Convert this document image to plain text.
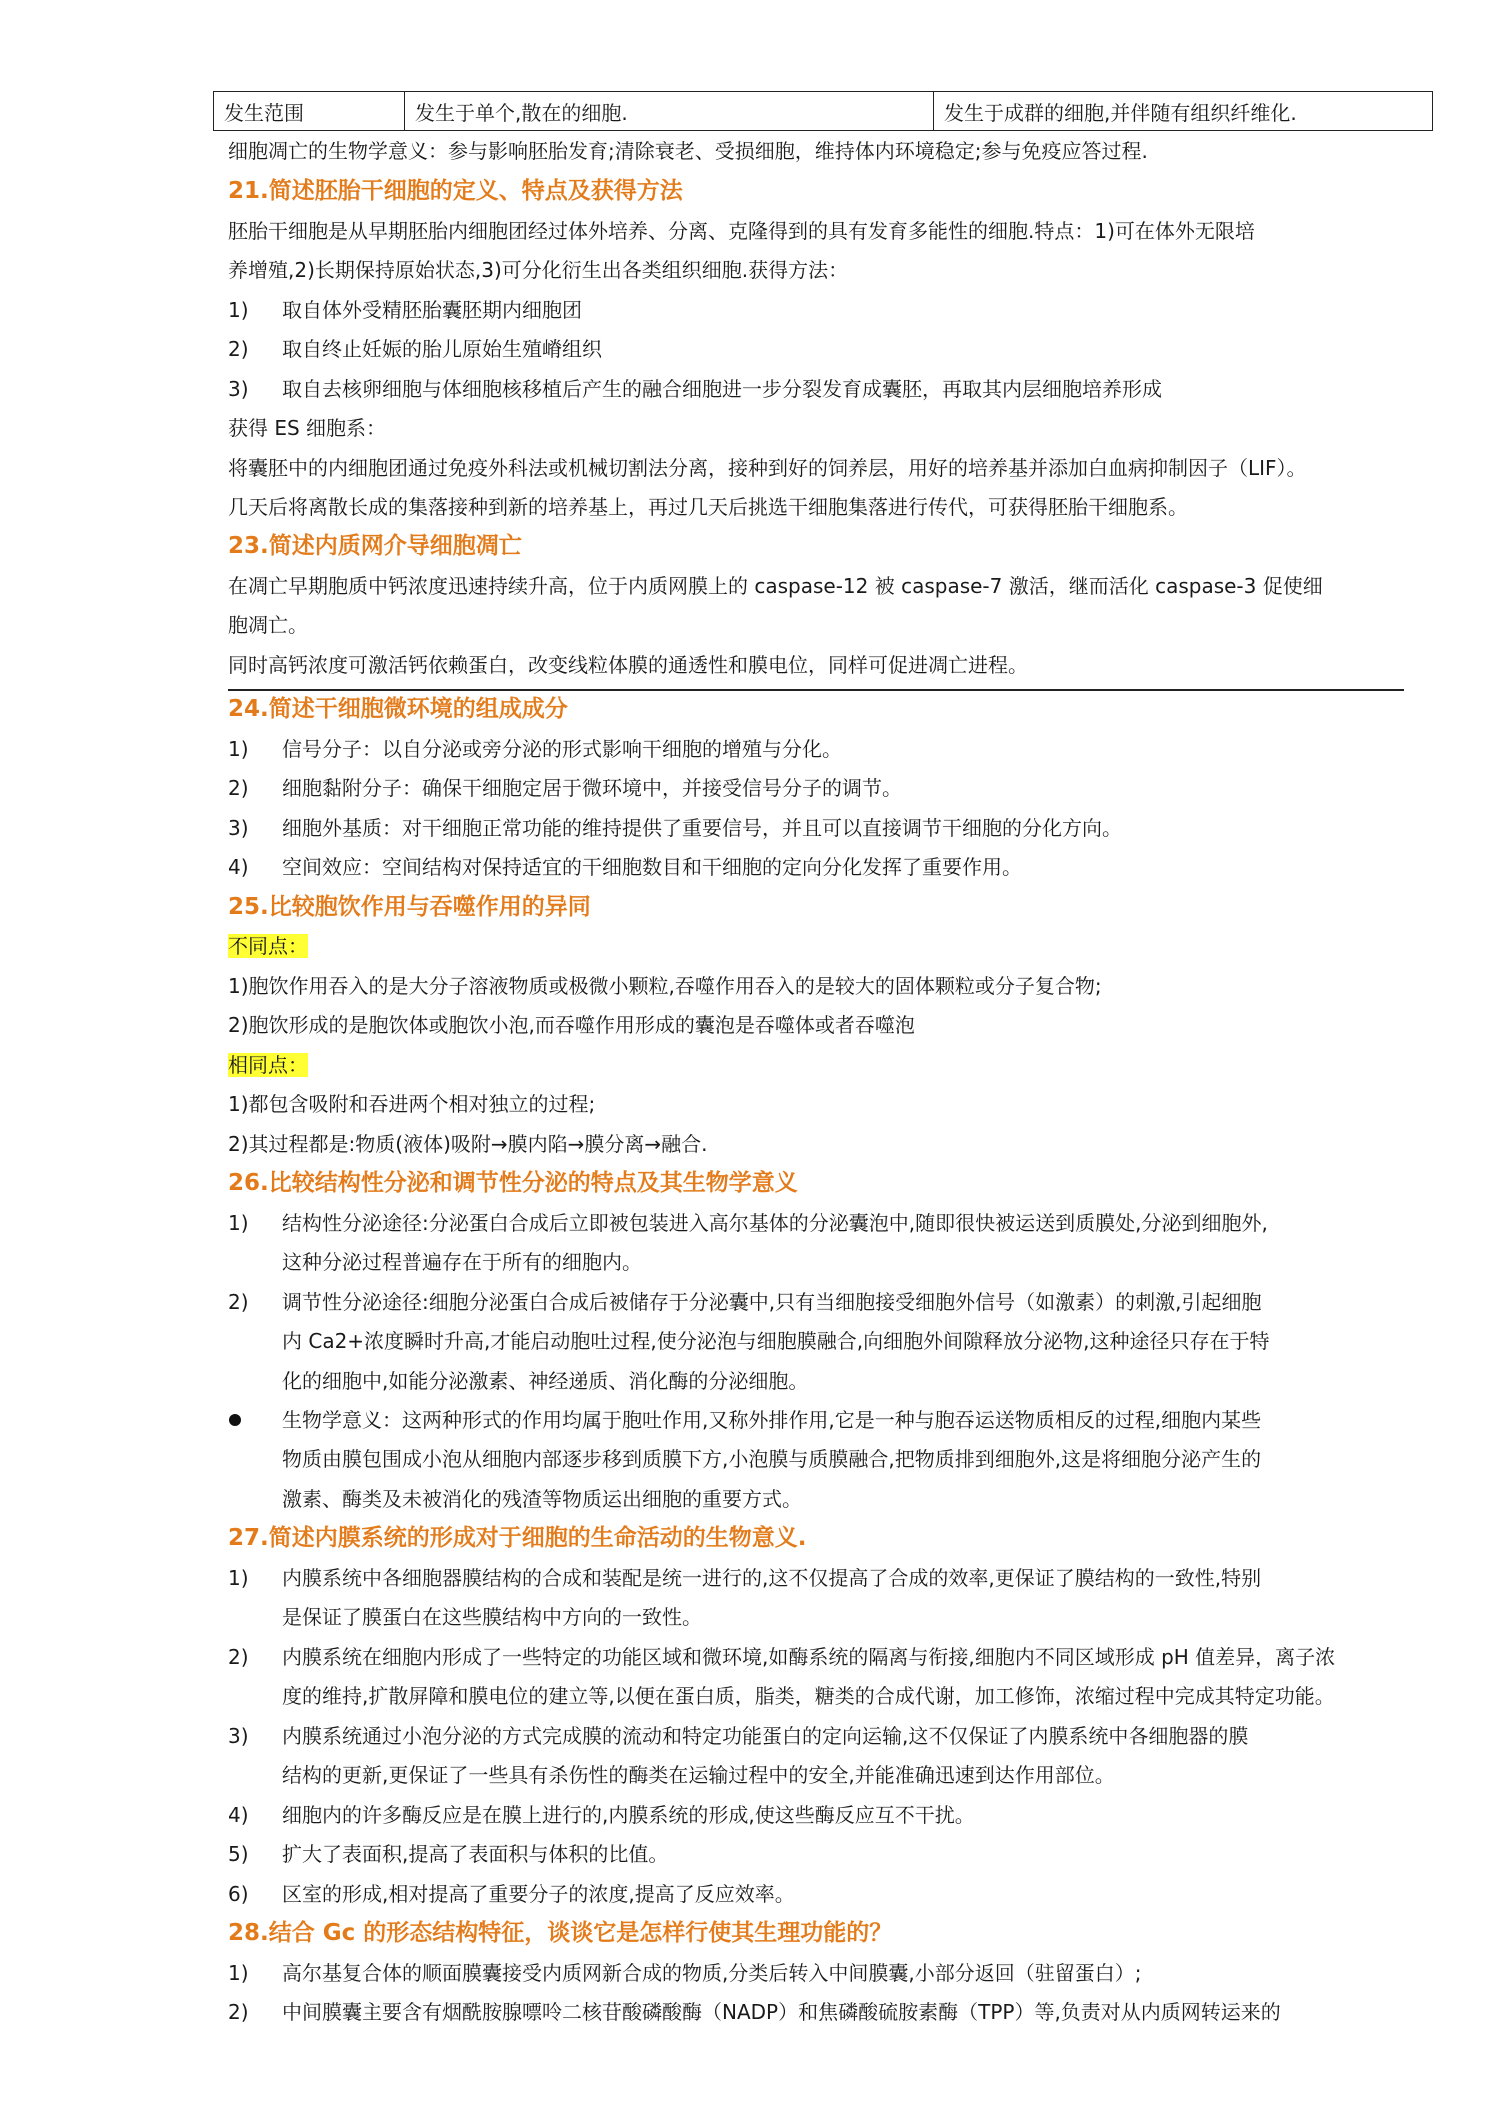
发生范围	发生于单个,散在的细胞.	发生于成群的细胞,并伴随有组织纤维化.
细胞凋亡的生物学意义：参与影响胚胎发育;清除衰老、受损细胞，维持体内环境稳定;参与免疫应答过程.
21.简述胚胎干细胞的定义、特点及获得方法
胚胎干细胞是从早期胚胎内细胞团经过体外培养、分离、克隆得到的具有发育多能性的细胞.特点：1)可在体外无限培
养增殖,2)长期保持原始状态,3)可分化衍生出各类组织细胞.获得方法：
1) 取自体外受精胚胎囊胚期内细胞团
2) 取自终止妊娠的胎儿原始生殖嵴组织
3) 取自去核卵细胞与体细胞核移植后产生的融合细胞进一步分裂发育成囊胚，再取其内层细胞培养形成
获得 ES 细胞系：
将囊胚中的内细胞团通过免疫外科法或机械切割法分离，接种到好的饲养层，用好的培养基并添加白血病抑制因子（LIF）。
几天后将离散长成的集落接种到新的培养基上，再过几天后挑选干细胞集落进行传代，可获得胚胎干细胞系。
23.简述内质网介导细胞凋亡
在凋亡早期胞质中钙浓度迅速持续升高，位于内质网膜上的 caspase-12 被 caspase-7 激活，继而活化 caspase-3 促使细
胞凋亡。
同时高钙浓度可激活钙依赖蛋白，改变线粒体膜的通透性和膜电位，同样可促进凋亡进程。
24.简述干细胞微环境的组成成分
1) 信号分子：以自分泌或旁分泌的形式影响干细胞的增殖与分化。
2) 细胞黏附分子：确保干细胞定居于微环境中，并接受信号分子的调节。
3) 细胞外基质：对干细胞正常功能的维持提供了重要信号，并且可以直接调节干细胞的分化方向。
4) 空间效应：空间结构对保持适宜的干细胞数目和干细胞的定向分化发挥了重要作用。
25.比较胞饮作用与吞噬作用的异同
不同点：
1)胞饮作用吞入的是大分子溶液物质或极微小颗粒,吞噬作用吞入的是较大的固体颗粒或分子复合物;
2)胞饮形成的是胞饮体或胞饮小泡,而吞噬作用形成的囊泡是吞噬体或者吞噬泡
相同点：
1)都包含吸附和吞进两个相对独立的过程;
2)其过程都是:物质(液体)吸附→膜内陷→膜分离→融合.
26.比较结构性分泌和调节性分泌的特点及其生物学意义
1) 结构性分泌途径:分泌蛋白合成后立即被包装进入高尔基体的分泌囊泡中,随即很快被运送到质膜处,分泌到细胞外,
这种分泌过程普遍存在于所有的细胞内。
2) 调节性分泌途径:细胞分泌蛋白合成后被储存于分泌囊中,只有当细胞接受细胞外信号（如激素）的刺激,引起细胞
内 Ca2+浓度瞬时升高,才能启动胞吐过程,使分泌泡与细胞膜融合,向细胞外间隙释放分泌物,这种途径只存在于特
化的细胞中,如能分泌激素、神经递质、消化酶的分泌细胞。
生物学意义：这两种形式的作用均属于胞吐作用,又称外排作用,它是一种与胞吞运送物质相反的过程,细胞内某些
物质由膜包围成小泡从细胞内部逐步移到质膜下方,小泡膜与质膜融合,把物质排到细胞外,这是将细胞分泌产生的
激素、酶类及未被消化的残渣等物质运出细胞的重要方式。
27.简述内膜系统的形成对于细胞的生命活动的生物意义.
1) 内膜系统中各细胞器膜结构的合成和装配是统一进行的,这不仅提高了合成的效率,更保证了膜结构的一致性,特别
是保证了膜蛋白在这些膜结构中方向的一致性。
2) 内膜系统在细胞内形成了一些特定的功能区域和微环境,如酶系统的隔离与衔接,细胞内不同区域形成 pH 值差异，离子浓
度的维持,扩散屏障和膜电位的建立等,以便在蛋白质，脂类，糖类的合成代谢，加工修饰，浓缩过程中完成其特定功能。
3) 内膜系统通过小泡分泌的方式完成膜的流动和特定功能蛋白的定向运输,这不仅保证了内膜系统中各细胞器的膜
结构的更新,更保证了一些具有杀伤性的酶类在运输过程中的安全,并能准确迅速到达作用部位。
4) 细胞内的许多酶反应是在膜上进行的,内膜系统的形成,使这些酶反应互不干扰。
5) 扩大了表面积,提高了表面积与体积的比值。
6) 区室的形成,相对提高了重要分子的浓度,提高了反应效率。
28.结合 Gc 的形态结构特征，谈谈它是怎样行使其生理功能的？
1) 高尔基复合体的顺面膜囊接受内质网新合成的物质,分类后转入中间膜囊,小部分返回（驻留蛋白）;
2) 中间膜囊主要含有烟酰胺腺嘌呤二核苷酸磷酸酶（NADP）和焦磷酸硫胺素酶（TPP）等,负责对从内质网转运来的
